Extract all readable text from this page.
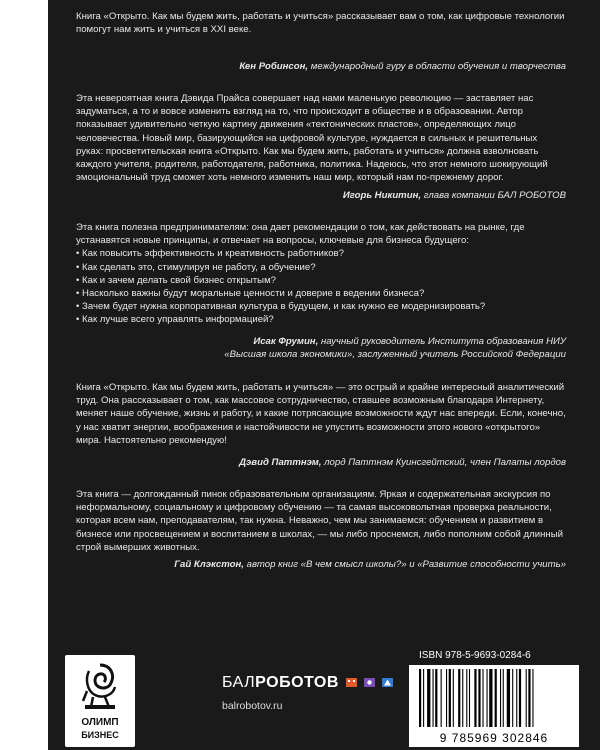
Книга «Открыто. Как мы будем жить, работать и учиться» рассказывает вам о том, как цифровые технологии помогут нам жить и учиться в XXI веке.

Кен Робинсон, международный гуру в области обучения и творчества

Эта невероятная книга Дэвида Прайса совершает над нами маленькую революцию — заставляет нас задуматься, а то и вовсе изменить взгляд на то, что происходит в обществе и в образовании. Автор показывает удивительно четкую картину движения «тектонических пластов», определяющих лицо человечества. Новый мир, базирующийся на цифровой культуре, нуждается в сильных и решительных руках: просветительская книга «Открыто. Как мы будем жить, работать и учиться» должна взволновать каждого учителя, родителя, работодателя, работника, политика. Надеюсь, что этот немного шокирующий эмоциональный труд сможет хоть немного изменить наш мир, который нам по-прежнему дорог.

Игорь Никитин, глава компании БАЛ РОБОТОВ

Эта книга полезна предпринимателям: она дает рекомендации о том, как действовать на рынке, где устанавятся новые принципы, и отвечает на вопросы, ключевые для бизнеса будущего:

• Как повысить эффективность и креативность работников?
• Как сделать это, стимулируя не работу, а обучение?
• Как и зачем делать свой бизнес открытым?
• Насколько важны будут моральные ценности и доверие в ведении бизнеса?
• Зачем будет нужна корпоративная культура в будущем, и как нужно ее модернизировать?
• Как лучше всего управлять информацией?
Исак Фрумин, научный руководитель Института образования НИУ
«Высшая школа экономики», заслуженный учитель Российской Федерации

Книга «Открыто. Как мы будем жить, работать и учиться» — это острый и крайне интересный аналитический труд. Она рассказывает о том, как массовое сотрудничество, ставшее возможным благодаря Интернету, меняет наше обучение, жизнь и работу, и какие потрясающие возможности ждут нас впереди. Если, конечно, у нас хватит энергии, воображения и настойчивости не упустить возможности этого нового «открытого» мира. Настоятельно рекомендую!

Дэвид Паттнэм, лорд Паттнэм Куинсгейтский, член Палаты лордов

Эта книга — долгожданный пинок образовательным организациям. Яркая и содержательная экскурсия по неформальному, социальному и цифровому обучению — та самая высоковольтная проверка реальности, которая всем нам, преподавателям, так нужна. Неважно, чем мы занимаемся: обучением и развитием в бизнесе или просвещением и воспитанием в школах, — мы либо проснемся, либо пополним собой длинный строй вымерших животных.

Гай Клэкстон, автор книг «В чем смысл школы?» и «Развитие способности учить»
БАЛРОБОТОВ
balrobotov.ru
ОЛИМП
БИЗНЕС
ISBN 978-5-9693-0284-6
9 785969 302846
